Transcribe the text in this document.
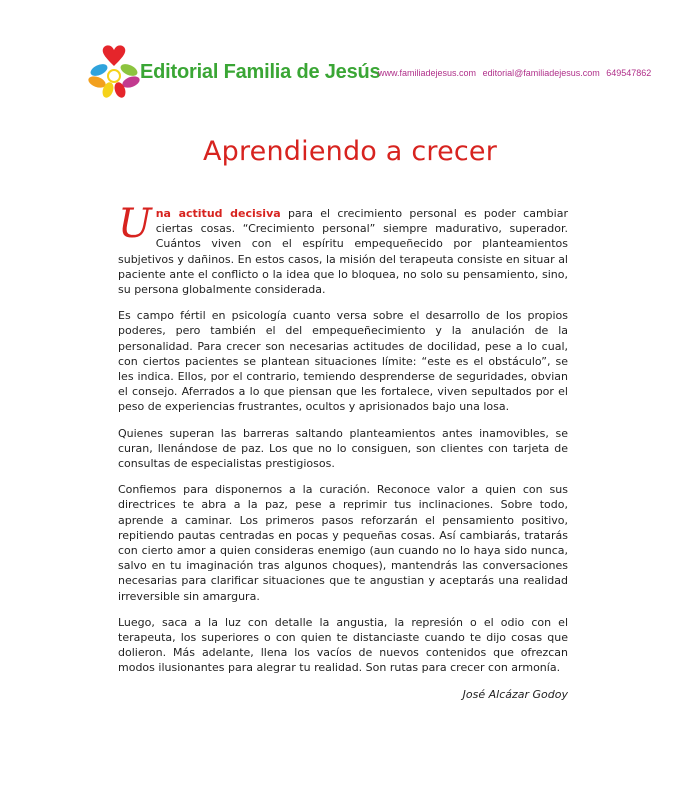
Editorial Familia de Jesús
www.familiadejesus.com editorial@familiadejesus.com 649547862
Aprendiendo a crecer

Una actitud decisiva para el crecimiento personal es poder cambiar ciertas cosas. “Crecimiento personal” siempre madurativo, superador. Cuántos viven con el espíritu empequeñecido por planteamientos subjetivos y dañinos. En estos casos, la misión del terapeuta consiste en situar al paciente ante el conflicto o la idea que lo bloquea, no solo su pensamiento, sino, su persona globalmente considerada.

Es campo fértil en psicología cuanto versa sobre el desarrollo de los propios poderes, pero también el del empequeñecimiento y la anulación de la personalidad. Para crecer son necesarias actitudes de docilidad, pese a lo cual, con ciertos pacientes se plantean situaciones límite: “este es el obstáculo”, se les indica. Ellos, por el contrario, temiendo desprenderse de seguridades, obvian el consejo. Aferrados a lo que piensan que les fortalece, viven sepultados por el peso de experiencias frustrantes, ocultos y aprisionados bajo una losa.

Quienes superan las barreras saltando planteamientos antes inamovibles, se curan, llenándose de paz. Los que no lo consiguen, son clientes con tarjeta de consultas de especialistas prestigiosos.

Confiemos para disponernos a la curación. Reconoce valor a quien con sus directrices te abra a la paz, pese a reprimir tus inclinaciones. Sobre todo, aprende a caminar. Los primeros pasos reforzarán el pensamiento positivo, repitiendo pautas centradas en pocas y pequeñas cosas. Así cambiarás, tratarás con cierto amor a quien consideras enemigo (aun cuando no lo haya sido nunca, salvo en tu imaginación tras algunos choques), mantendrás las conversaciones necesarias para clarificar situaciones que te angustian y aceptarás una realidad irreversible sin amargura.

Luego, saca a la luz con detalle la angustia, la represión o el odio con el terapeuta, los superiores o con quien te distanciaste cuando te dijo cosas que dolieron. Más adelante, llena los vacíos de nuevos contenidos que ofrezcan modos ilusionantes para alegrar tu realidad. Son rutas para crecer con armonía.

José Alcázar Godoy
